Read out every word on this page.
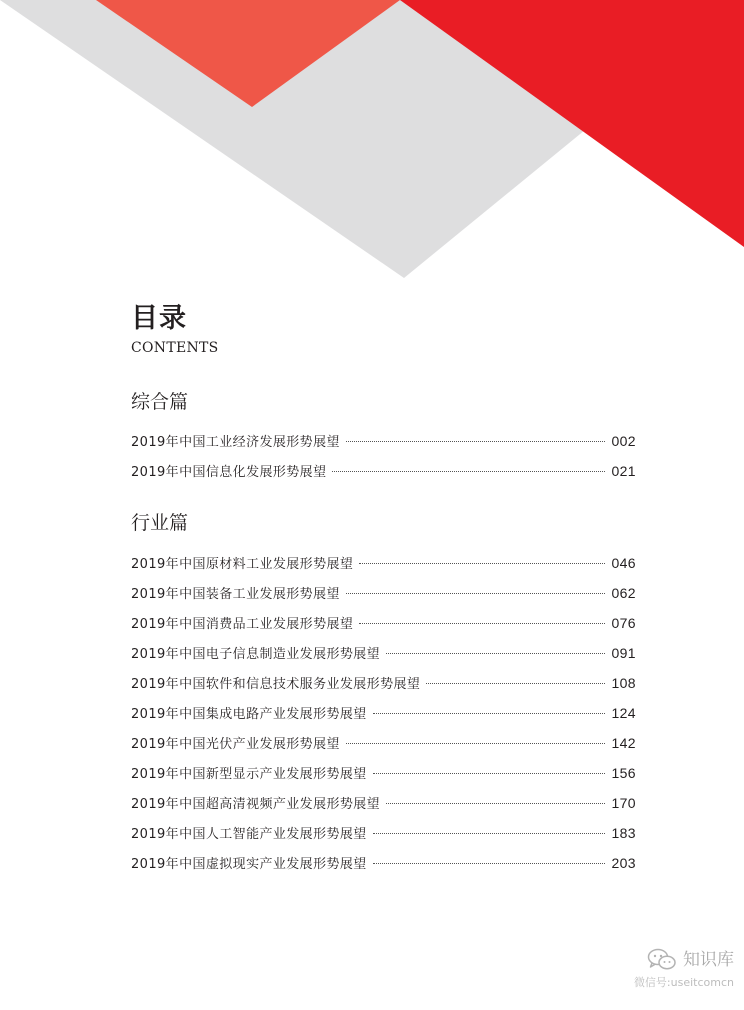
目录
CONTENTS
综合篇
2019年中国工业经济发展形势展望	002
2019年中国信息化发展形势展望	021
行业篇
2019年中国原材料工业发展形势展望	046
2019年中国装备工业发展形势展望	062
2019年中国消费品工业发展形势展望	076
2019年中国电子信息制造业发展形势展望	091
2019年中国软件和信息技术服务业发展形势展望	108
2019年中国集成电路产业发展形势展望	124
2019年中国光伏产业发展形势展望	142
2019年中国新型显示产业发展形势展望	156
2019年中国超高清视频产业发展形势展望	170
2019年中国人工智能产业发展形势展望	183
2019年中国虚拟现实产业发展形势展望	203
知识库
微信号:useitcomcn
